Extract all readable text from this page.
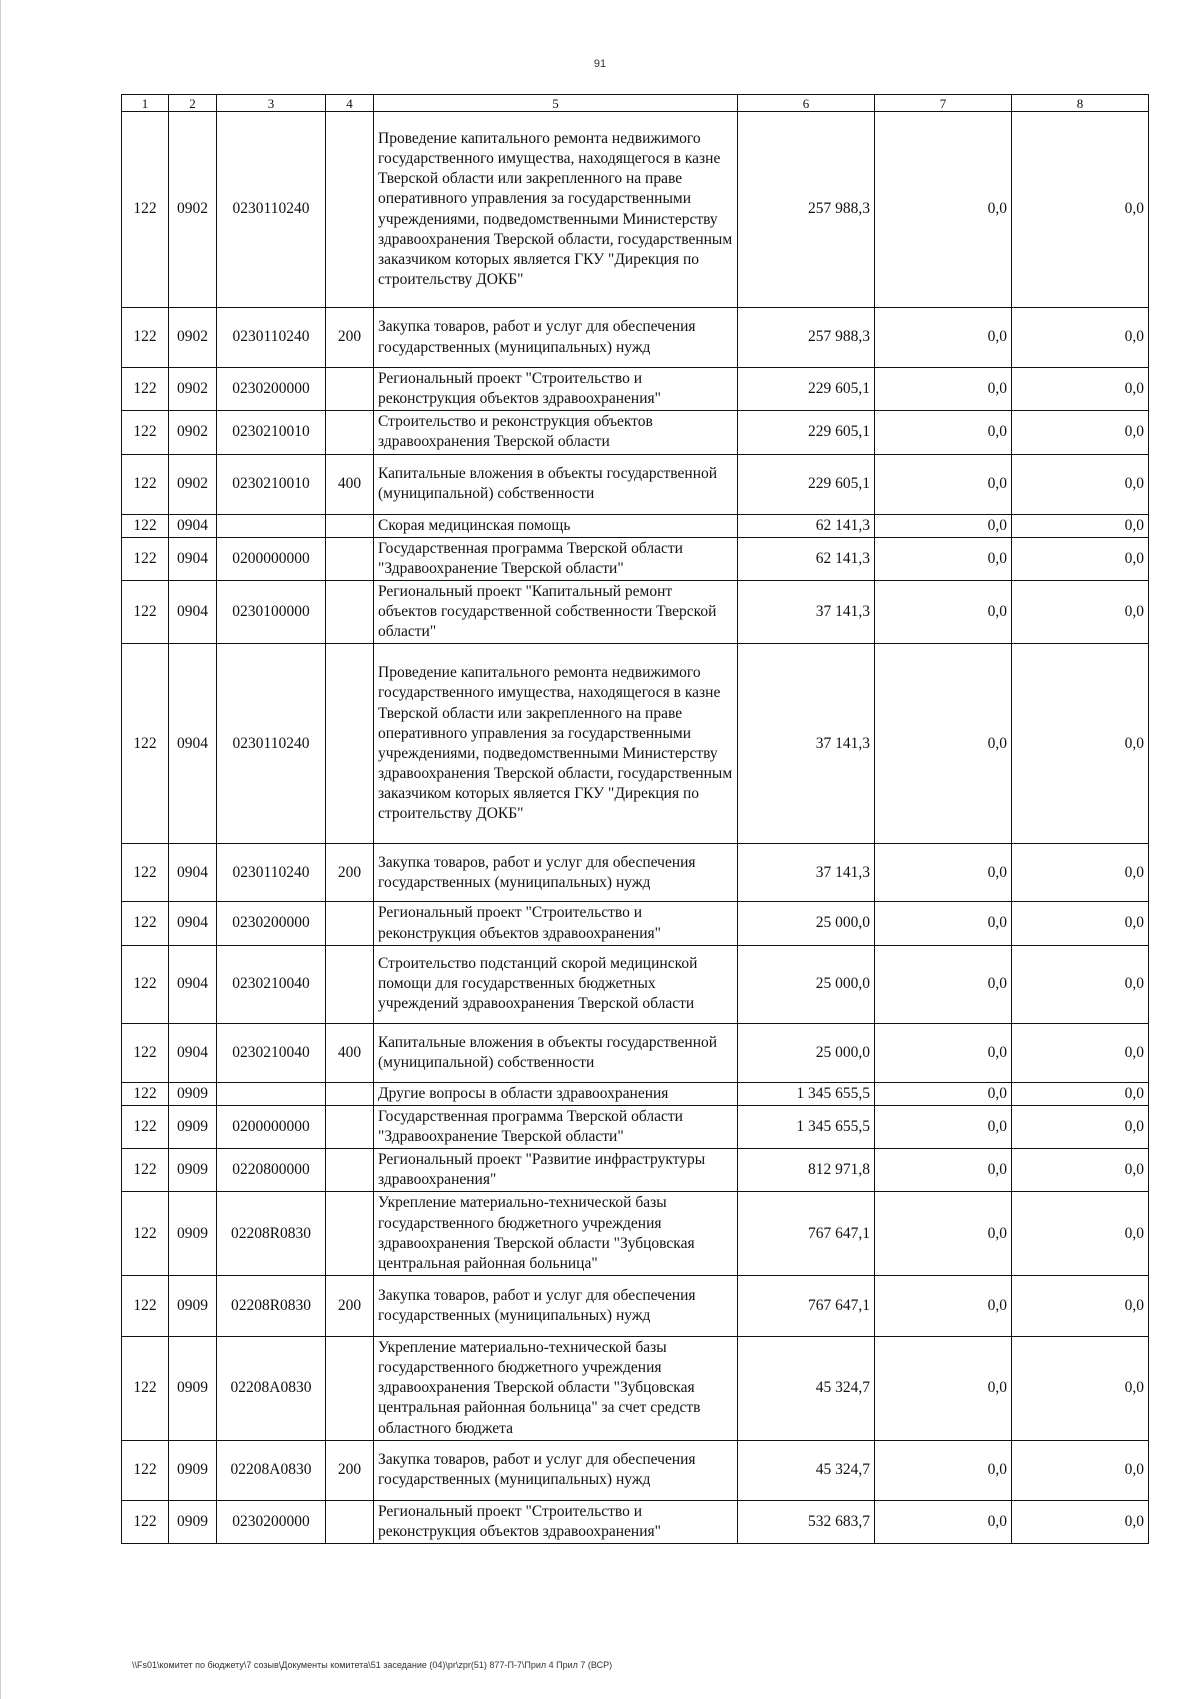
91
1	2	3	4	5	6	7	8
122	0902	0230110240		Проведение капитального ремонта недвижимого государственного имущества, находящегося в казне Тверской области или закрепленного на праве оперативного управления за государственными учреждениями, подведомственными Министерству здравоохранения Тверской области, государственным заказчиком которых является ГКУ "Дирекция по строительству ДОКБ"	257 988,3	0,0	0,0
122	0902	0230110240	200	Закупка товаров, работ и услуг для обеспечения государственных (муниципальных) нужд	257 988,3	0,0	0,0
122	0902	0230200000		Региональный проект "Строительство и реконструкция объектов здравоохранения"	229 605,1	0,0	0,0
122	0902	0230210010		Строительство и реконструкция объектов здравоохранения Тверской области	229 605,1	0,0	0,0
122	0902	0230210010	400	Капитальные вложения в объекты государственной (муниципальной) собственности	229 605,1	0,0	0,0
122	0904			Скорая медицинская помощь	62 141,3	0,0	0,0
122	0904	0200000000		Государственная программа Тверской области "Здравоохранение Тверской области"	62 141,3	0,0	0,0
122	0904	0230100000		Региональный проект "Капитальный ремонт объектов государственной собственности Тверской области"	37 141,3	0,0	0,0
122	0904	0230110240		Проведение капитального ремонта недвижимого государственного имущества, находящегося в казне Тверской области или закрепленного на праве оперативного управления за государственными учреждениями, подведомственными Министерству здравоохранения Тверской области, государственным заказчиком которых является ГКУ "Дирекция по строительству ДОКБ"	37 141,3	0,0	0,0
122	0904	0230110240	200	Закупка товаров, работ и услуг для обеспечения государственных (муниципальных) нужд	37 141,3	0,0	0,0
122	0904	0230200000		Региональный проект "Строительство и реконструкция объектов здравоохранения"	25 000,0	0,0	0,0
122	0904	0230210040		Строительство подстанций скорой медицинской помощи для государственных бюджетных учреждений здравоохранения Тверской области	25 000,0	0,0	0,0
122	0904	0230210040	400	Капитальные вложения в объекты государственной (муниципальной) собственности	25 000,0	0,0	0,0
122	0909			Другие вопросы в области здравоохранения	1 345 655,5	0,0	0,0
122	0909	0200000000		Государственная программа Тверской области "Здравоохранение Тверской области"	1 345 655,5	0,0	0,0
122	0909	0220800000		Региональный проект "Развитие инфраструктуры здравоохранения"	812 971,8	0,0	0,0
122	0909	02208R0830		Укрепление материально-технической базы государственного бюджетного учреждения здравоохранения Тверской области "Зубцовская центральная районная больница"	767 647,1	0,0	0,0
122	0909	02208R0830	200	Закупка товаров, работ и услуг для обеспечения государственных (муниципальных) нужд	767 647,1	0,0	0,0
122	0909	02208A0830		Укрепление материально-технической базы государственного бюджетного учреждения здравоохранения Тверской области "Зубцовская центральная районная больница" за счет средств областного бюджета	45 324,7	0,0	0,0
122	0909	02208A0830	200	Закупка товаров, работ и услуг для обеспечения государственных (муниципальных) нужд	45 324,7	0,0	0,0
122	0909	0230200000		Региональный проект "Строительство и реконструкция объектов здравоохранения"	532 683,7	0,0	0,0
\\Fs01\комитет по бюджету\7 созыв\Документы комитета\51 заседание (04)\pr\zpr(51) 877-П-7\Прил 4 Прил 7 (ВСР)
